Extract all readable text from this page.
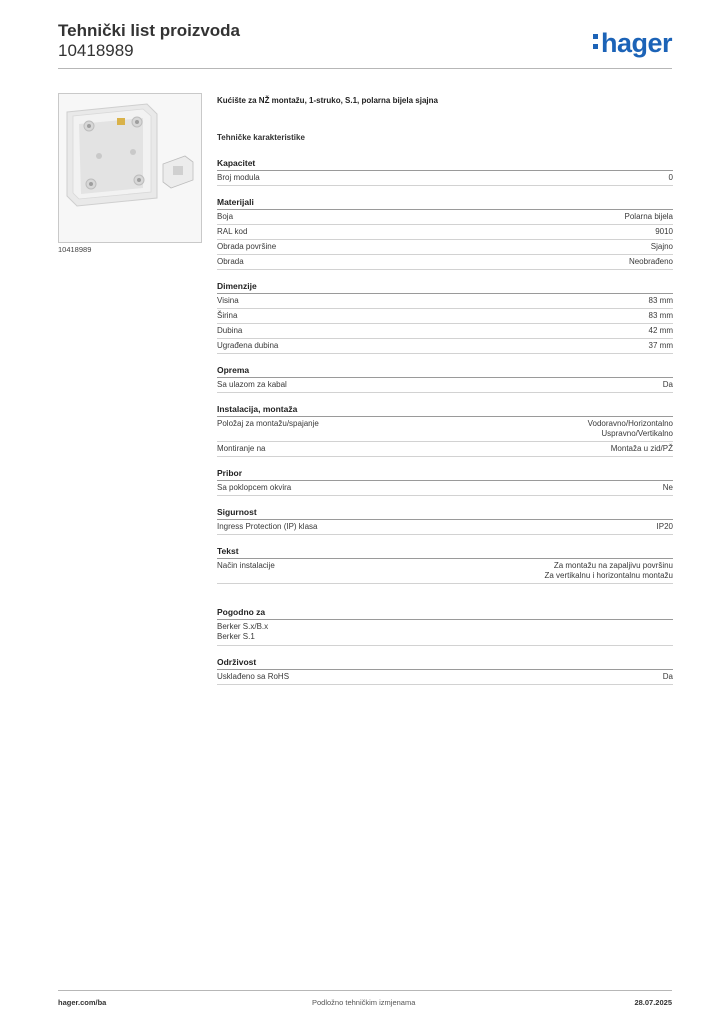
Tehnički list proizvoda
10418989	hager
10418989
Kućište za NŽ montažu, 1-struko, S.1, polarna bijela sjajna
Tehničke karakteristike
Kapacitet
Broj modula	0
Materijali
Boja	Polarna bijela
RAL kod	9010
Obrada površine	Sjajno
Obrada	Neobrađeno
Dimenzije
Visina	83 mm
Širina	83 mm
Dubina	42 mm
Ugrađena dubina	37 mm
Oprema
Sa ulazom za kabal	Da
Instalacija, montaža
Položaj za montažu/spajanje	Vodoravno/Horizontalno
Uspravno/Vertikalno
Montiranje na	Montaža u zid/PŽ
Pribor
Sa poklopcem okvira	Ne
Sigurnost
Ingress Protection (IP) klasa	IP20
Tekst
Način instalacije	Za montažu na zapaljivu površinu
Za vertikalnu i horizontalnu montažu
Pogodno za
Berker S.x/B.x
Berker S.1
Održivost
Usklađeno sa RoHS	Da
hager.com/ba	Podložno tehničkim izmjenama	28.07.2025
